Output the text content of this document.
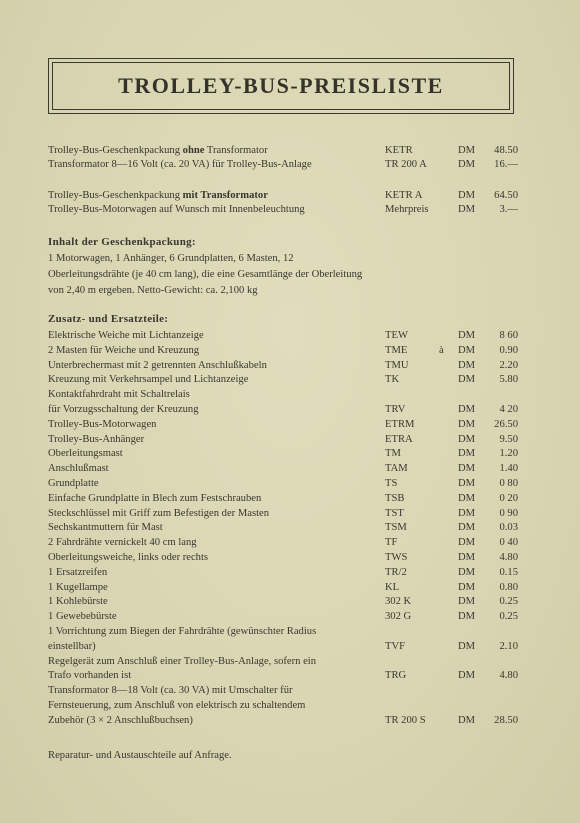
TROLLEY-BUS-PREISLISTE
Trolley-Bus-Geschenkpackung ohne Transformator	KETR	DM 48.50
Transformator 8—16 Volt (ca. 20 VA) für Trolley-Bus-Anlage	TR 200 A	DM 16.—
Trolley-Bus-Geschenkpackung mit Transformator	KETR A	DM 64.50
Trolley-Bus-Motorwagen auf Wunsch mit Innenbeleuchtung	Mehrpreis	DM 3.—
Inhalt der Geschenkpackung:
1 Motorwagen, 1 Anhänger, 6 Grundplatten, 6 Masten, 12 Oberleitungsdrähte (je 40 cm lang), die eine Gesamtlänge der Oberleitung von 2,40 m ergeben. Netto-Gewicht: ca. 2,100 kg
Zusatz- und Ersatzteile:
Elektrische Weiche mit Lichtanzeige	TEW	DM 8 60
2 Masten für Weiche und Kreuzung	TME	à DM 0.90
Unterbrechermast mit 2 getrennten Anschlußkabeln	TMU	DM 2.20
Kreuzung mit Verkehrsampel und Lichtanzeige	TK	DM 5.80
Kontaktfahrdraht mit Schaltrelais
für Vorzugsschaltung der Kreuzung	TRV	DM 4 20
Trolley-Bus-Motorwagen	ETRM	DM 26.50
Trolley-Bus-Anhänger	ETRA	DM 9.50
Oberleitungsmast	TM	DM 1.20
Anschlußmast	TAM	DM 1.40
Grundplatte	TS	DM 0 80
Einfache Grundplatte in Blech zum Festschrauben	TSB	DM 0 20
Steckschlüssel mit Griff zum Befestigen der Masten	TST	DM 0 90
Sechskantmuttern für Mast	TSM	DM 0.03
2 Fahrdrähte vernickelt 40 cm lang	TF	DM 0 40
Oberleitungsweiche, links oder rechts	TWS	DM 4.80
1 Ersatzreifen	TR/2	DM 0.15
1 Kugellampe	KL	DM 0.80
1 Kohlebürste	302 K	DM 0.25
1 Gewebebürste	302 G	DM 0.25
1 Vorrichtung zum Biegen der Fahrdrähte (gewünschter Radius
einstellbar)	TVF	DM 2.10
Regelgerät zum Anschluß einer Trolley-Bus-Anlage, sofern ein
Trafo vorhanden ist	TRG	DM 4.80
Transformator 8—18 Volt (ca. 30 VA) mit Umschalter für
Fernsteuerung, zum Anschluß von elektrisch zu schaltendem
Zubehör (3 × 2 Anschlußbuchsen)	TR 200 S	DM 28.50
Reparatur- und Austauschteile auf Anfrage.
